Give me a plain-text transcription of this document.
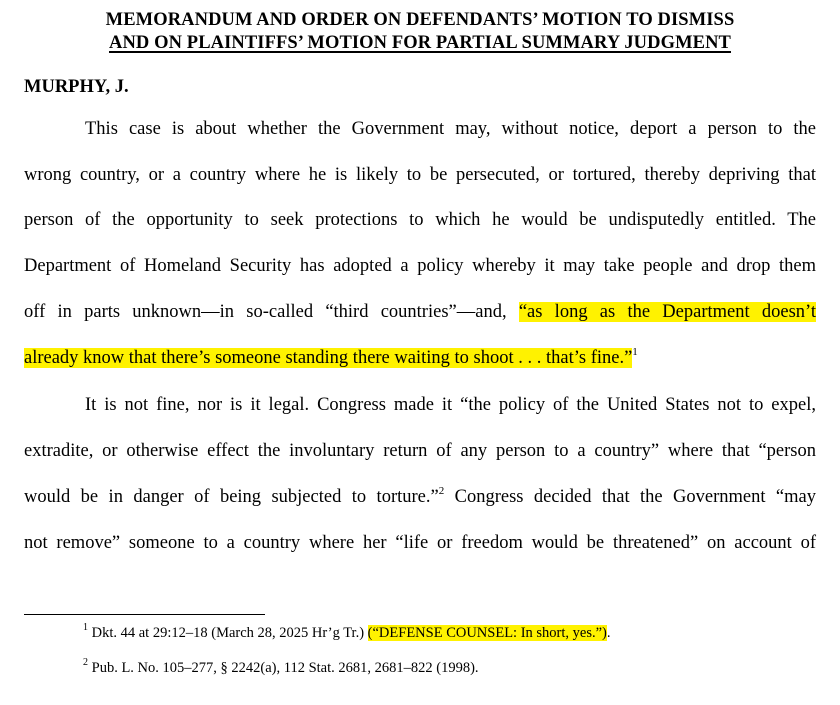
MEMORANDUM AND ORDER ON DEFENDANTS’ MOTION TO DISMISS
AND ON PLAINTIFFS’ MOTION FOR PARTIAL SUMMARY JUDGMENT
MURPHY, J.
This case is about whether the Government may, without notice, deport a person to the
wrong country, or a country where he is likely to be persecuted, or tortured, thereby depriving that
person of the opportunity to seek protections to which he would be undisputedly entitled. The
Department of Homeland Security has adopted a policy whereby it may take people and drop them
off in parts unknown—in so-called “third countries”—and, “as long as the Department doesn’t
already know that there’s someone standing there waiting to shoot . . . that’s fine.”$^1$
It is not fine, nor is it legal. Congress made it “the policy of the United States not to expel,
extradite, or otherwise effect the involuntary return of any person to a country” where that “person
would be in danger of being subjected to torture.”$^2$ Congress decided that the Government “may
not remove” someone to a country where her “life or freedom would be threatened” on account of
$^1$ Dkt. 44 at 29:12–18 (March 28, 2025 Hr’g Tr.) (“DEFENSE COUNSEL: In short, yes.”).
$^2$ Pub. L. No. 105–277, § 2242(a), 112 Stat. 2681, 2681–822 (1998).
